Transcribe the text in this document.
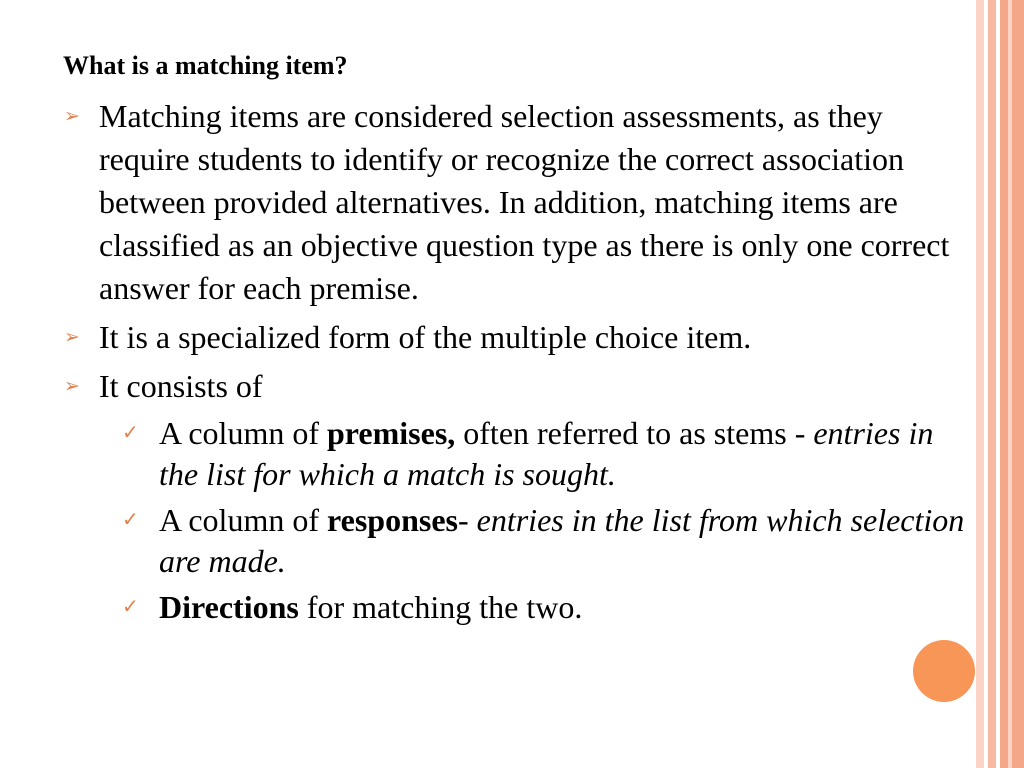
What is a matching item?
➢ Matching items are considered selection assessments, as they require students to identify or recognize the correct association between provided alternatives. In addition, matching items are classified as an objective question type as there is only one correct answer for each premise.
➢ It is a specialized form of the multiple choice item.
➢ It consists of
✓ A column of premises, often referred to as stems - entries in the list for which a match is sought.
✓ A column of responses- entries in the list from which selection are made.
✓ Directions for matching the two.
